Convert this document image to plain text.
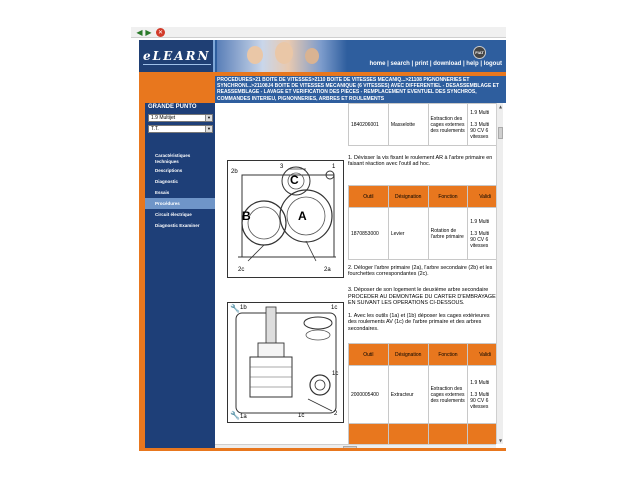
◀ ▶	✕
eLEARN	FIAT
home | search | print | download | help | logout
PROCEDURES>21 BOITE DE VITESSES>2110 BOITE DE VITESSES MECANIQ...>21108 PIGNONNERIES ET SYNCHRONI...>21108J4 BOITE DE VITESSES MECANIQUE (6 VITESSES) AVEC DIFFERENTIEL - DESASSEMBLAGE ET REASSEMBLAGE - LAVAGE ET VERIFICATION DES PIECES - REMPLACEMENT EVENTUEL DES SYNCHROS, COMMANDES INTERIEU, PIGNONNERIES, ARBRES ET ROULEMENTS
GRANDE PUNTO
1.9 Multijet	▼
T.T.	▼
Caractéristiques techniques
Descriptions
Diagnostic
Essais
Procédures
Circuit électrique
Diagnostic Examiner
1840206001	Masselotte	Extraction des cages externes des roulements	1.9 Multi

1.3 Multi
90 CV 6
vitesses
1. Dévisser la vis fixant le roulement AR à l'arbre primaire en faisant réaction avec l'outil ad hoc.
C
B	A
1
3
2b
2c	2a
Outil	Désignation	Fonction	Validi
1870853000	Levier	Rotation de l'arbre primaire	1.9 Multi

1.3 Multi
90 CV 6
vitesses
2. Déloger l'arbre primaire (2a), l'arbre secondaire (2b) et les fourchettes correspondantes (2c).
3. Déposer de son logement le deuxième arbre secondaire
PROCEDER AU DEMONTAGE DU CARTER D'EMBRAYAGE EN SUIVANT LES OPERATIONS CI-DESSOUS.
1. Avec les outils (1a) et (1b) déposer les cages extérieures des roulements AV (1c) de l'arbre primaire et des arbres secondaires.
🔧 1b	1c
1c
1c	2
🔧 1a
Outil	Désignation	Fonction	Validi
2000005400	Extracteur	Extraction des cages externes des roulements	1.9 Multi

1.3 Multi
90 CV 6
vitesses

▲
▼
